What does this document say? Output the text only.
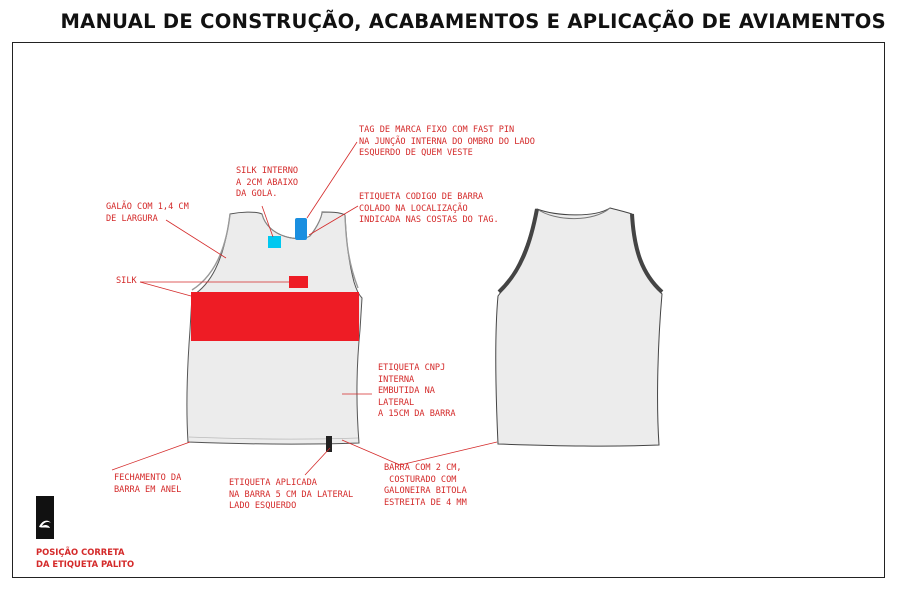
MANUAL DE CONSTRUÇÃO, ACABAMENTOS E APLICAÇÃO DE AVIAMENTOS
TAG DE MARCA FIXO COM FAST PIN
NA JUNÇÃO INTERNA DO OMBRO DO LADO
ESQUERDO DE QUEM VESTE
SILK INTERNO
A 2CM ABAIXO
DA GOLA.	ETIQUETA CODIGO DE BARRA
COLADO NA LOCALIZAÇÃO
INDICADA NAS COSTAS DO TAG.
GALÃO COM 1,4 CM
DE LARGURA
SILK
ETIQUETA CNPJ
INTERNA
EMBUTIDA NA
LATERAL
A 15CM DA BARRA
FECHAMENTO DA
BARRA EM ANEL
ETIQUETA APLICADA
NA BARRA 5 CM DA LATERAL
LADO ESQUERDO
BARRA COM 2 CM,
COSTURADO COM
GALONEIRA BITOLA
ESTREITA DE 4 MM
POSIÇÃO CORRETA
DA ETIQUETA PALITO
